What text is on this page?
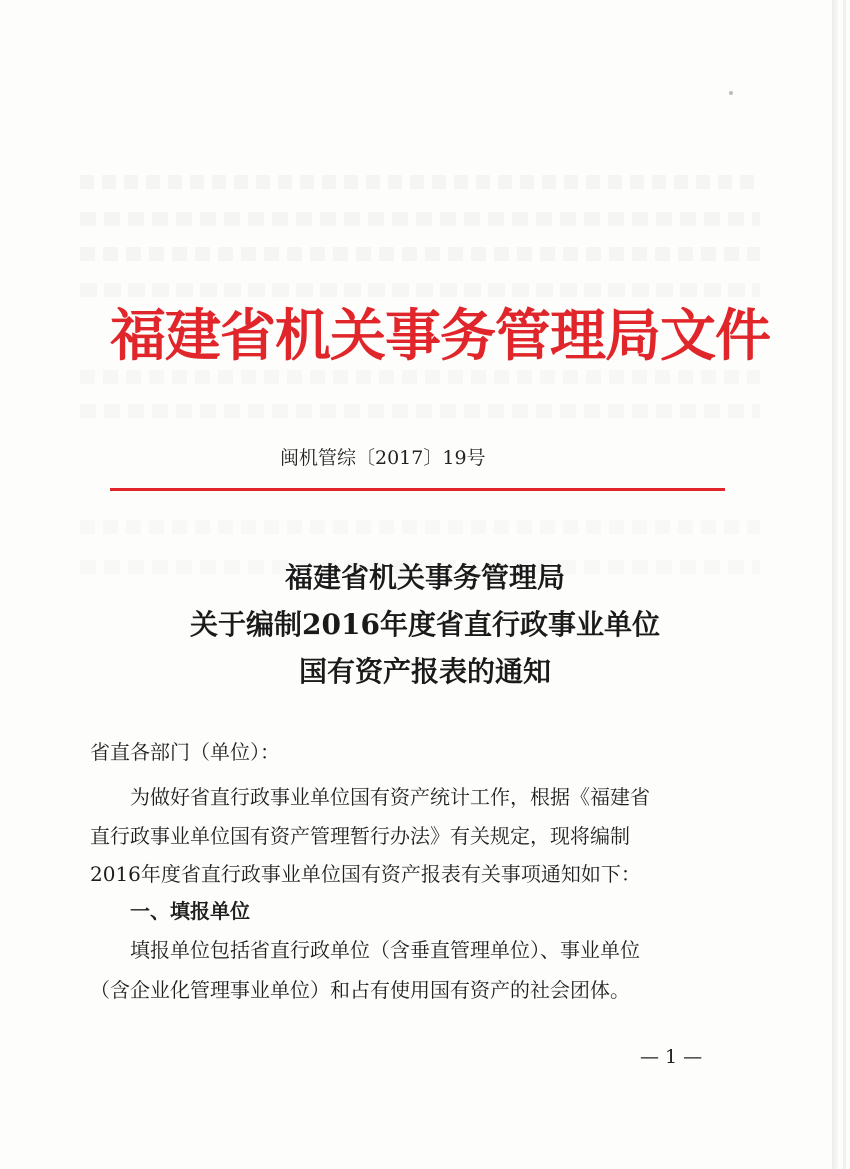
福建省机关事务管理局文件
闽机管综〔2017〕19号
福建省机关事务管理局
关于编制2016年度省直行政事业单位
国有资产报表的通知
省直各部门（单位）：
为做好省直行政事业单位国有资产统计工作，根据《福建省
直行政事业单位国有资产管理暂行办法》有关规定，现将编制
2016年度省直行政事业单位国有资产报表有关事项通知如下：
一、填报单位
填报单位包括省直行政单位（含垂直管理单位）、事业单位
（含企业化管理事业单位）和占有使用国有资产的社会团体。
— 1 —
